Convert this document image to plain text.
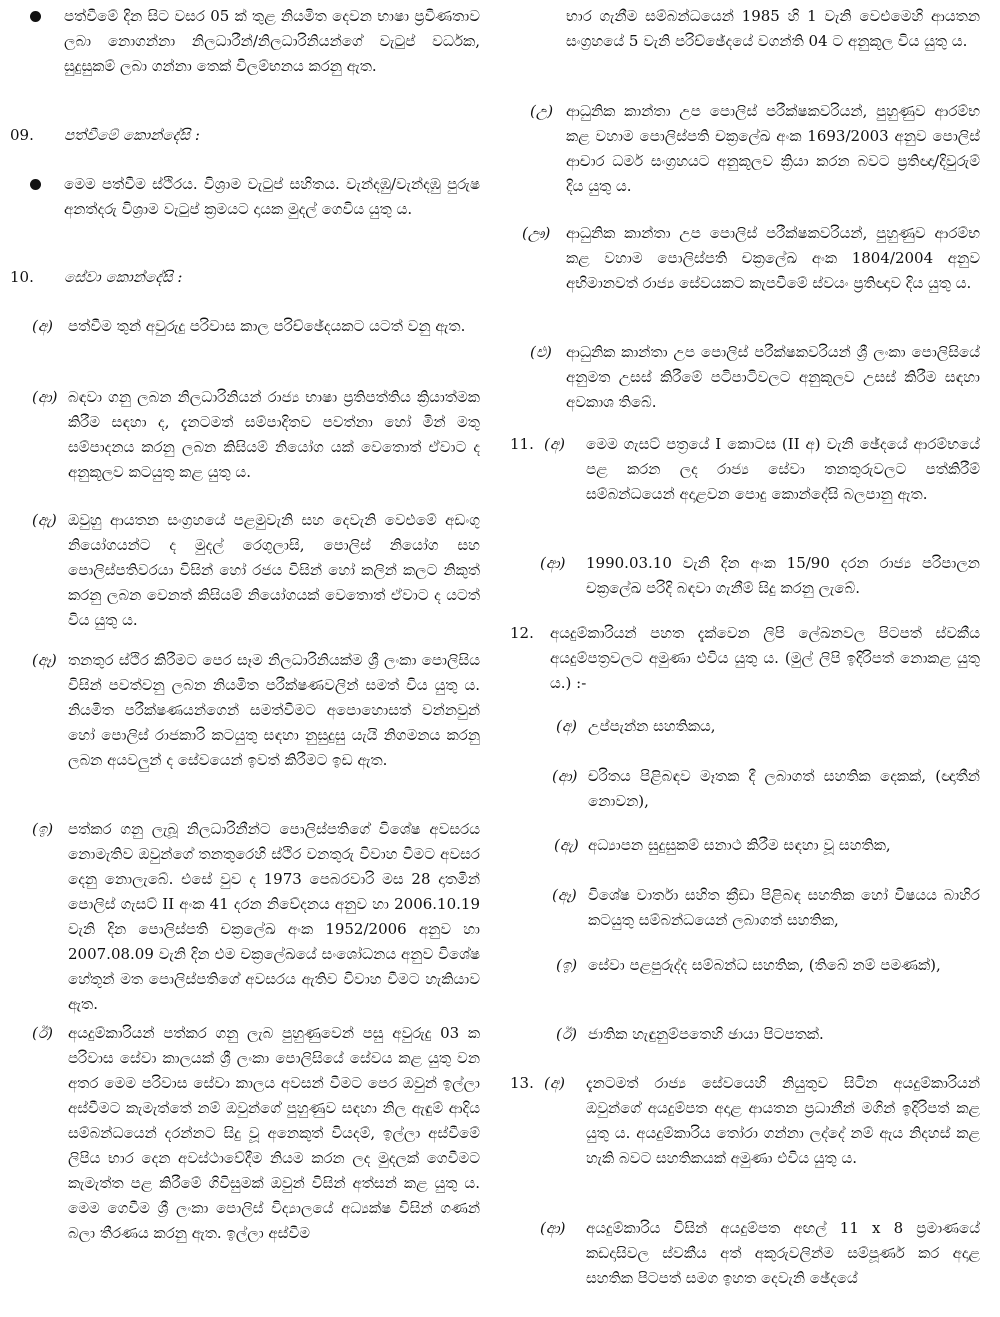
පත්වීමේ දින සිට වසර 05 ක් තුළ නියමිත දෙවන භාෂා ප්‍රවීණතාව ලබා නොගන්නා නිලධාරීන්/නිලධාරිනියන්ගේ වැටුප් වර්ධක, සුදුසුකම් ලබා ගන්නා තෙක් විලම්භනය කරනු ඇත.
09. පත්වීමේ කොන්දේසි :
මෙම පත්වීම ස්ථිරය. විශ්‍රාම වැටුප් සහිතය. වැන්දඹු/වැන්දඹු පුරුෂ අනත්දරු විශ්‍රාම වැටුප් ක්‍රමයට දායක මුදල් ගෙවිය යුතු ය.
10. සේවා කොන්දේසි :
(අ) පත්වීම තුන් අවුරුදු පරිවාස කාල පරිච්ඡේදයකට යටත් වනු ඇත.
(ආ) බඳවා ගනු ලබන නිලධාරිනියන් රාජ්‍ය භාෂා ප්‍රතිපත්තිය ක්‍රියාත්මක කිරීම සඳහා ද, දැනටමත් සම්පාදිතව පවත්නා හෝ මින් මතු සම්පාදනය කරනු ලබන කිසියම් නියෝග යක් වෙතොත් ඒවාට ද අනුකූලව කටයුතු කළ යුතු ය.
(ඇ) ඔවුහු ආයතන සංග්‍රහයේ පළමුවැනි සහ දෙවැනි වෙළුමේ අඩංගු නියෝගයන්ට ද මුදල් රෙගුලාසි, පොලිස් නියෝග සහ පොලිස්පතිවරයා විසින් හෝ රජය විසින් හෝ කලින් කලට නිකුත් කරනු ලබන වෙනත් කිසියම් නියෝගයක් වෙතොත් ඒවාට ද යටත් විය යුතු ය.
(ඈ) තනතුර ස්ථිර කිරීමට පෙර සෑම නිලධාරිනියක්ම ශ්‍රී ලංකා පොලිසිය විසින් පවත්වනු ලබන නියමිත පරීක්ෂණවලින් සමත් විය යුතු ය. නියමිත පරීක්ෂණයන්ගෙන් සමත්වීමට අපොහොසත් වන්නවුන් හෝ පොලිස් රාජකාරි කටයුතු සඳහා නුසුදුසු යැයි නිගමනය කරනු ලබන අයවලුන් ද සේවයෙන් ඉවත් කිරීමට ඉඩ ඇත.
(ඉ) පත්කර ගනු ලැබූ නිලධාරිනීන්ට පොලිස්පතිගේ විශේෂ අවසරය නොමැතිව ඔවුන්ගේ තනතුරෙහි ස්ථිර වනතුරු විවාහ වීමට අවසර දෙනු නොලැබේ. එසේ වුව ද 1973 පෙබරවාරි මස 28 දාතමින් පොලිස් ගැසට් II අංක 41 දරන නිවේදනය අනුව හා 2006.10.19 වැනි දින පොලිස්පති චක්‍රලේඛ අංක 1952/2006 අනුව හා 2007.08.09 වැනි දින එම චක්‍රලේඛයේ සංශෝධනය අනුව විශේෂ හේතූන් මත පොලිස්පතිගේ අවසරය ඇතිව විවාහ වීමට හැකියාව ඇත.
(ඊ) අයදුම්කාරියන් පත්කර ගනු ලැබ පුහුණුවෙන් පසු අවුරුදු 03 ක පරිවාස සේවා කාලයක් ශ්‍රී ලංකා පොලිසියේ සේවය කළ යුතු වන අතර මෙම පරිවාස සේවා කාලය අවසන් වීමට පෙර ඔවුන් ඉල්ලා අස්වීමට කැමැත්තේ නම් ඔවුන්ගේ පුහුණුව සඳහා නිල ඇඳුම් ආදිය සම්බන්ධයෙන් දරන්නට සිදු වූ අනෙකුත් වියදම්, ඉල්ලා අස්වීමේ ලිපිය භාර දෙන අවස්ථාවේදීම නියම කරන ලද මුදලක් ගෙවීමට කැමැත්ත පළ කිරීමේ ගිවිසුමක් ඔවුන් විසින් අත්සන් කළ යුතු ය. මෙම ගෙවීම ශ්‍රී ලංකා පොලිස් විද්‍යාලයේ අධ්‍යක්ෂ විසින් ගණන් බලා තීරණය කරනු ඇත. ඉල්ලා අස්වීම
භාර ගැනීම සම්බන්ධයෙන් 1985 හි 1 වැනි වෙළුමෙහි ආයතන සංග්‍රහයේ 5 වැනි පරිච්ඡේදයේ වගන්ති 04 ට අනුකූල විය යුතු ය.
(උ) ආධුනික කාන්තා උප පොලිස් පරීක්ෂකවරියන්, පුහුණුව ආරම්භ කළ වහාම පොලිස්පති චක්‍රලේඛ අංක 1693/2003 අනුව පොලිස් ආචාර ධර්ම සංග්‍රහයට අනුකූලව ක්‍රියා කරන බවට ප්‍රතිඥා/දිවුරුම් දිය යුතු ය.
(ඌ) ආධුනික කාන්තා උප පොලිස් පරීක්ෂකවරියන්, පුහුණුව ආරම්භ කළ වහාම පොලිස්පති චක්‍රලේඛ අංක 1804/2004 අනුව අභිමානවත් රාජ්‍ය සේවයකට කැපවීමේ ස්වයං ප්‍රතිඥාව දිය යුතු ය.
(එ) ආධුනික කාන්තා උප පොලිස් පරීක්ෂකවරියන් ශ්‍රී ලංකා පොලිසියේ අනුමත උසස් කිරීමේ පටිපාටිවලට අනුකූලව උසස් කිරීම සඳහා අවකාශ තිබේ.
11. (අ) මෙම ගැසට් පත්‍රයේ I කොටස (II අ) වැනි ඡේදයේ ආරම්භයේ පළ කරන ලද රාජ්‍ය සේවා තනතුරුවලට පත්කිරීම් සම්බන්ධයෙන් අදාළවන පොදු කොන්දේසි බලපානු ඇත.
(ආ) 1990.03.10 වැනි දින අංක 15/90 දරන රාජ්‍ය පරිපාලන චක්‍රලේඛ පරිදි බඳවා ගැනීම් සිදු කරනු ලැබේ.
12. අයදුම්කාරියන් පහත දැක්වෙන ලිපි ලේඛනවල පිටපත් ස්වකීය අයදුම්පත්‍රවලට අමුණා එවිය යුතු ය. (මුල් ලිපි ඉදිරිපත් නොකළ යුතු ය.) :-
(අ) උප්පැන්න සහතිකය,
(ආ) චරිතය පිළිබඳව මෑතක දී ලබාගත් සහතික දෙකක්, (ඥාතීන් නොවන),
(ඇ) අධ්‍යාපන සුදුසුකම් සනාථ කිරීම සඳහා වූ සහතික,
(ඈ) විශේෂ වාර්තා සහිත ක්‍රීඩා පිළිබඳ සහතික හෝ විෂයය බාහිර කටයුතු සම්බන්ධයෙන් ලබාගත් සහතික,
(ඉ) සේවා පළපුරුද්ද සම්බන්ධ සහතික, (තිබේ නම් පමණක්),
(ඊ) ජාතික හැඳුනුම්පතෙහි ඡායා පිටපතක්.
13. (අ) දැනටමත් රාජ්‍ය සේවයෙහි නියුතුව සිටින අයදුම්කාරියන් ඔවුන්ගේ අයදුම්පත අදාළ ආයතන ප්‍රධානීන් මගින් ඉදිරිපත් කළ යුතු ය. අයදුම්කාරිය තෝරා ගන්නා ලද්දේ නම් ඇය නිදහස් කළ හැකි බවට සහතිකයක් අමුණා එවිය යුතු ය.
(ආ) අයදුම්කාරිය විසින් අයදුම්පත අඟල් 11 x 8 ප්‍රමාණයේ කඩදාසිවල ස්වකීය අත් අකුරුවලින්ම සම්පූර්ණ කර අදාළ සහතික පිටපත් සමග ඉහත දෙවැනි ඡේදයේ
